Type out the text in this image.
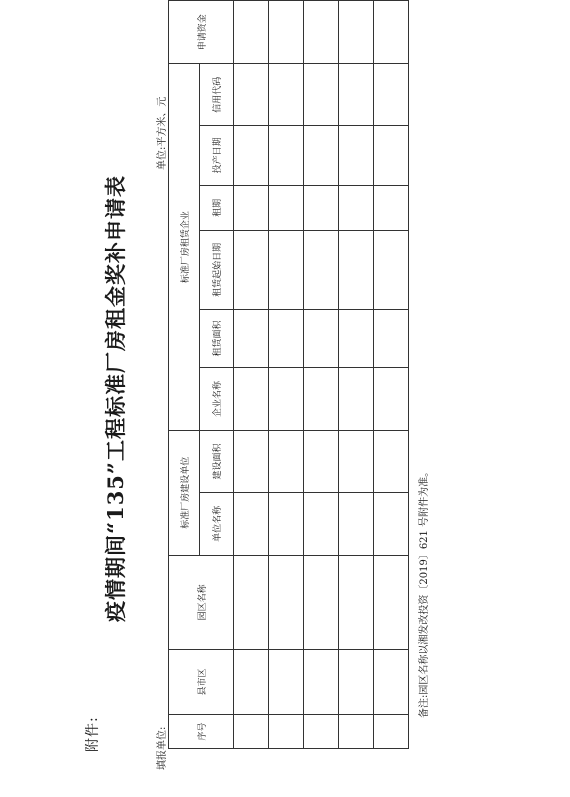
附件:
疫情期间“135”工程标准厂房租金奖补申请表
填报单位:
单位:平方米、元
序号	县市区	园区名称	标准厂房建设单位		标准厂房租赁企业						申请资金
			单位名称	建设面积	企业名称	租赁面积	租赁起始日期	租期	投产日期	信用代码	

备注:园区名称以湘发改投资〔2019〕621 号附件为准。
